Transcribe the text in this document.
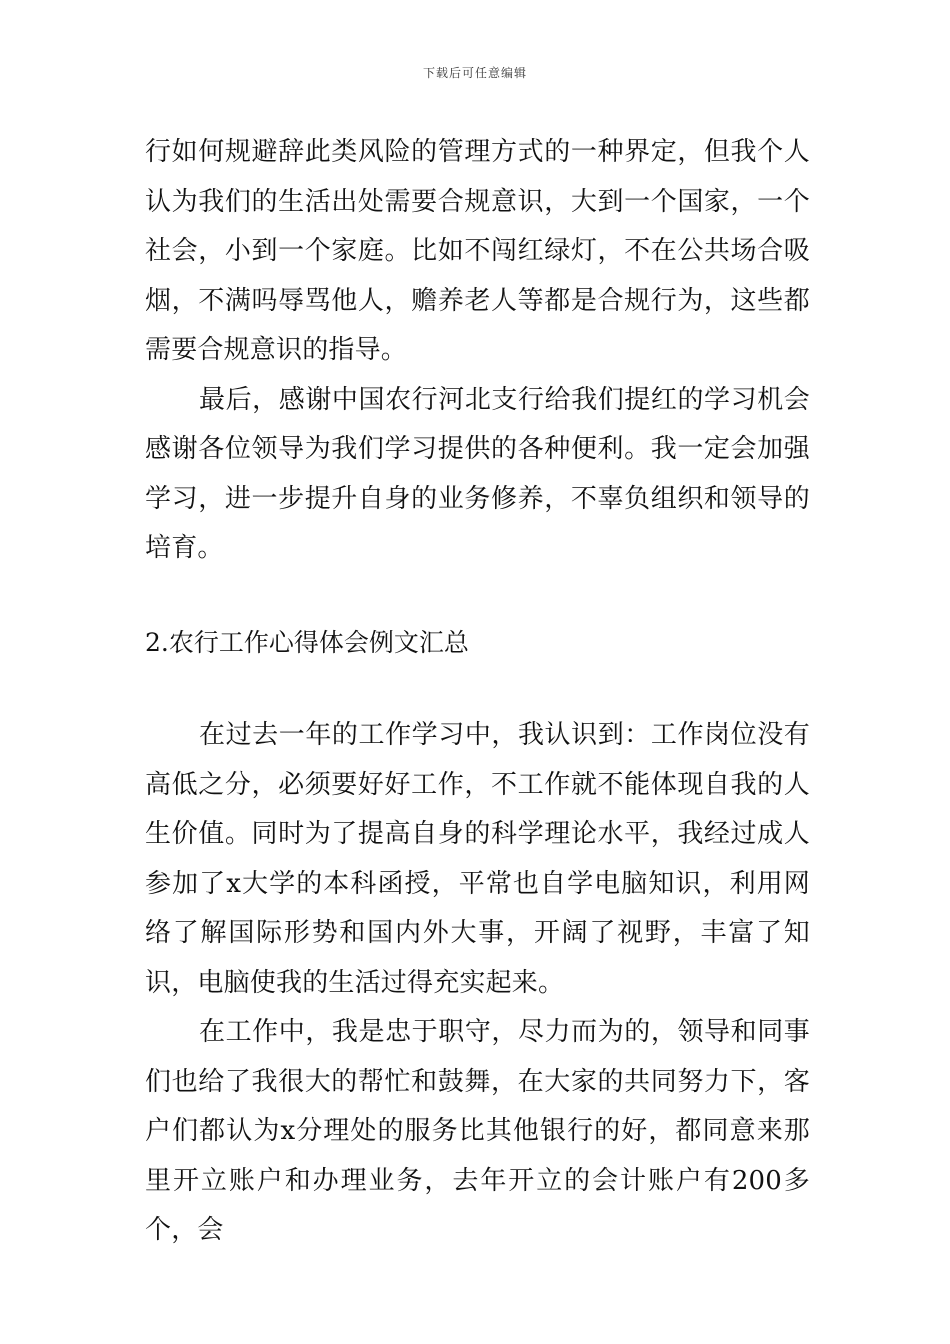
下载后可任意编辑

行如何规避辞此类风险的管理方式的一种界定，但我个人认为我们的生活出处需要合规意识，大到一个国家，一个社会，小到一个家庭。比如不闯红绿灯，不在公共场合吸烟，不满吗辱骂他人，赡养老人等都是合规行为，这些都需要合规意识的指导。

最后，感谢中国农行河北支行给我们提红的学习机会感谢各位领导为我们学习提供的各种便利。我一定会加强学习，进一步提升自身的业务修养，不辜负组织和领导的培育。

2.农行工作心得体会例文汇总

在过去一年的工作学习中，我认识到：工作岗位没有高低之分，必须要好好工作，不工作就不能体现自我的人生价值。同时为了提高自身的科学理论水平，我经过成人参加了x大学的本科函授，平常也自学电脑知识，利用网络了解国际形势和国内外大事，开阔了视野，丰富了知识，电脑使我的生活过得充实起来。

在工作中，我是忠于职守，尽力而为的，领导和同事们也给了我很大的帮忙和鼓舞，在大家的共同努力下，客户们都认为x分理处的服务比其他银行的好，都同意来那里开立账户和办理业务，去年开立的会计账户有200多个，会
